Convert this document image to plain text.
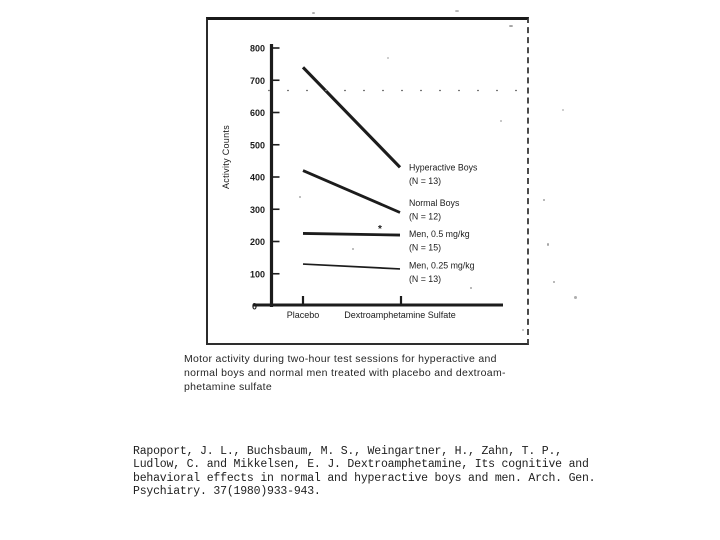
0
100
200
300
400
500
600
700
800
Placebo	Dextroamphetamine Sulfate
Activity Counts	Hyperactive Boys
(N = 13)
Normal Boys
(N = 12)
Men, 0.5 mg/kg
(N = 15)
Men, 0.25 mg/kg
(N = 13)
*
Motor activity during two-hour test sessions for hyperactive and
normal boys and normal men treated with placebo and dextroam-
phetamine sulfate
Rapoport, J. L., Buchsbaum, M. S., Weingartner, H., Zahn, T. P.,
Ludlow, C. and Mikkelsen, E. J. Dextroamphetamine, Its cognitive and
behavioral effects in normal and hyperactive boys and men. Arch. Gen.
Psychiatry. 37(1980)933-943.
